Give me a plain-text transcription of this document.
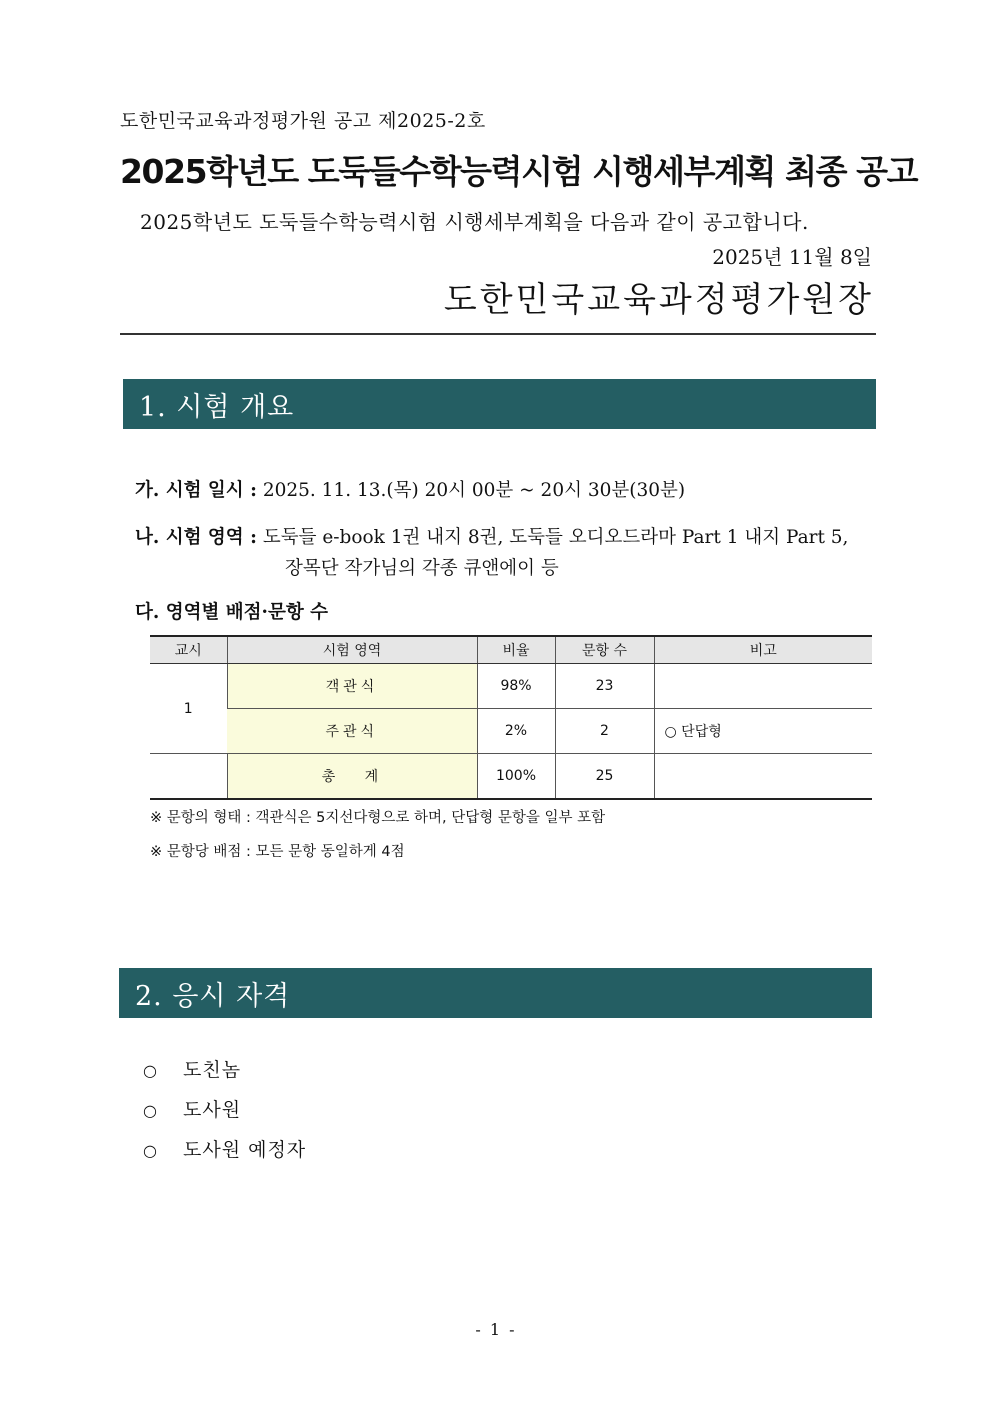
도한민국교육과정평가원 공고 제2025-2호
2025학년도 도둑들수학능력시험 시행세부계획 최종 공고
2025학년도 도둑들수학능력시험 시행세부계획을 다음과 같이 공고합니다.
2025년 11월 8일
도한민국교육과정평가원장
1. 시험 개요
가. 시험 일시 : 2025. 11. 13.(목) 20시 00분 ~ 20시 30분(30분)
나. 시험 영역 : 도둑들 e-book 1권 내지 8권, 도둑들 오디오드라마 Part 1 내지 Part 5,
장목단 작가님의 각종 큐앤에이 등
다. 영역별 배점·문항 수
교시	시험 영역	비율	문항 수	비고
1	객관식	98%	23	
	주관식	2%	2	○ 단답형
	총   계	100%	25	
※ 문항의 형태 : 객관식은 5지선다형으로 하며, 단답형 문항을 일부 포함
※ 문항당 배점 : 모든 문항 동일하게 4점
2. 응시 자격
○ 도친놈
○ 도사원
○ 도사원 예정자
- 1 -
